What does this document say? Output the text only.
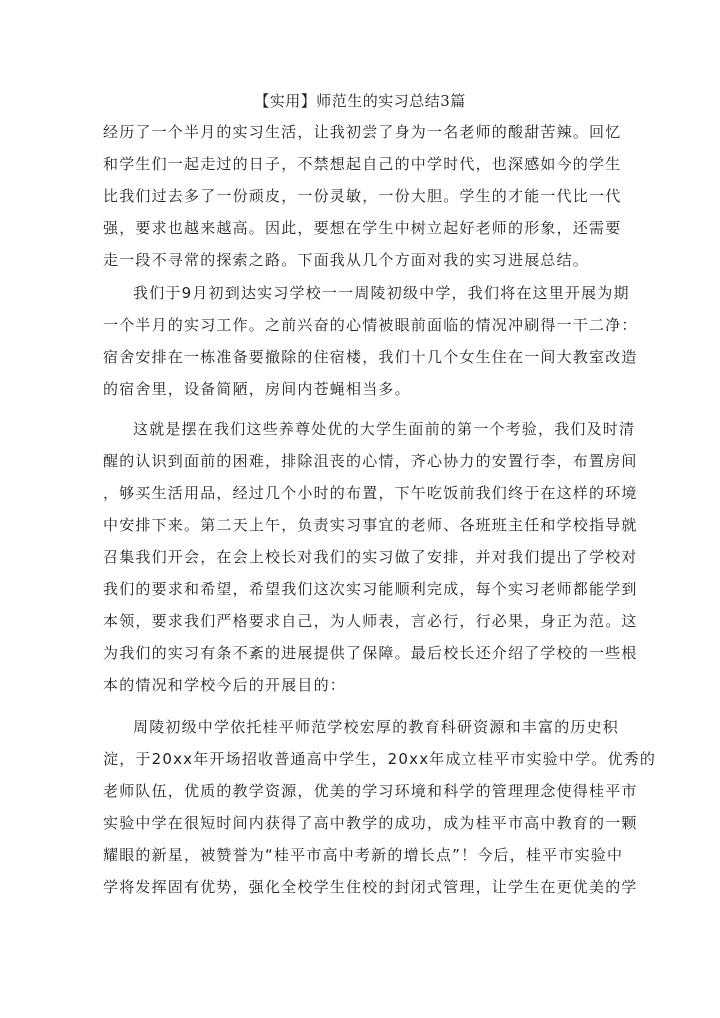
【实用】师范生的实习总结3篇
经历了一个半月的实习生活，让我初尝了身为一名老师的酸甜苦辣。回忆
和学生们一起走过的日子，不禁想起自己的中学时代，也深感如今的学生
比我们过去多了一份顽皮，一份灵敏，一份大胆。学生的才能一代比一代
强，要求也越来越高。因此，要想在学生中树立起好老师的形象，还需要
走一段不寻常的探索之路。下面我从几个方面对我的实习进展总结。
我们于9月初到达实习学校一一周陵初级中学，我们将在这里开展为期
一个半月的实习工作。之前兴奋的心情被眼前面临的情况冲刷得一干二净：
宿舍安排在一栋准备要撤除的住宿楼，我们十几个女生住在一间大教室改造
的宿舍里，设备简陋，房间内苍蝇相当多。
这就是摆在我们这些养尊处优的大学生面前的第一个考验，我们及时清
醒的认识到面前的困难，排除沮丧的心情，齐心协力的安置行李，布置房间
，够买生活用品，经过几个小时的布置，下午吃饭前我们终于在这样的环境
中安排下来。第二天上午，负责实习事宜的老师、各班班主任和学校指导就
召集我们开会，在会上校长对我们的实习做了安排，并对我们提出了学校对
我们的要求和希望，希望我们这次实习能顺利完成，每个实习老师都能学到
本领，要求我们严格要求自己，为人师表，言必行，行必果，身正为范。这
为我们的实习有条不紊的进展提供了保障。最后校长还介绍了学校的一些根
本的情况和学校今后的开展目的：
周陵初级中学依托桂平师范学校宏厚的教育科研资源和丰富的历史积
淀，于20xx年开场招收普通高中学生，20xx年成立桂平市实验中学。优秀的
老师队伍，优质的教学资源，优美的学习环境和科学的管理理念使得桂平市
实验中学在很短时间内获得了高中教学的成功，成为桂平市高中教育的一颗
耀眼的新星，被赞誉为“桂平市高中考新的增长点”！今后，桂平市实验中
学将发挥固有优势，强化全校学生住校的封闭式管理，让学生在更优美的学
